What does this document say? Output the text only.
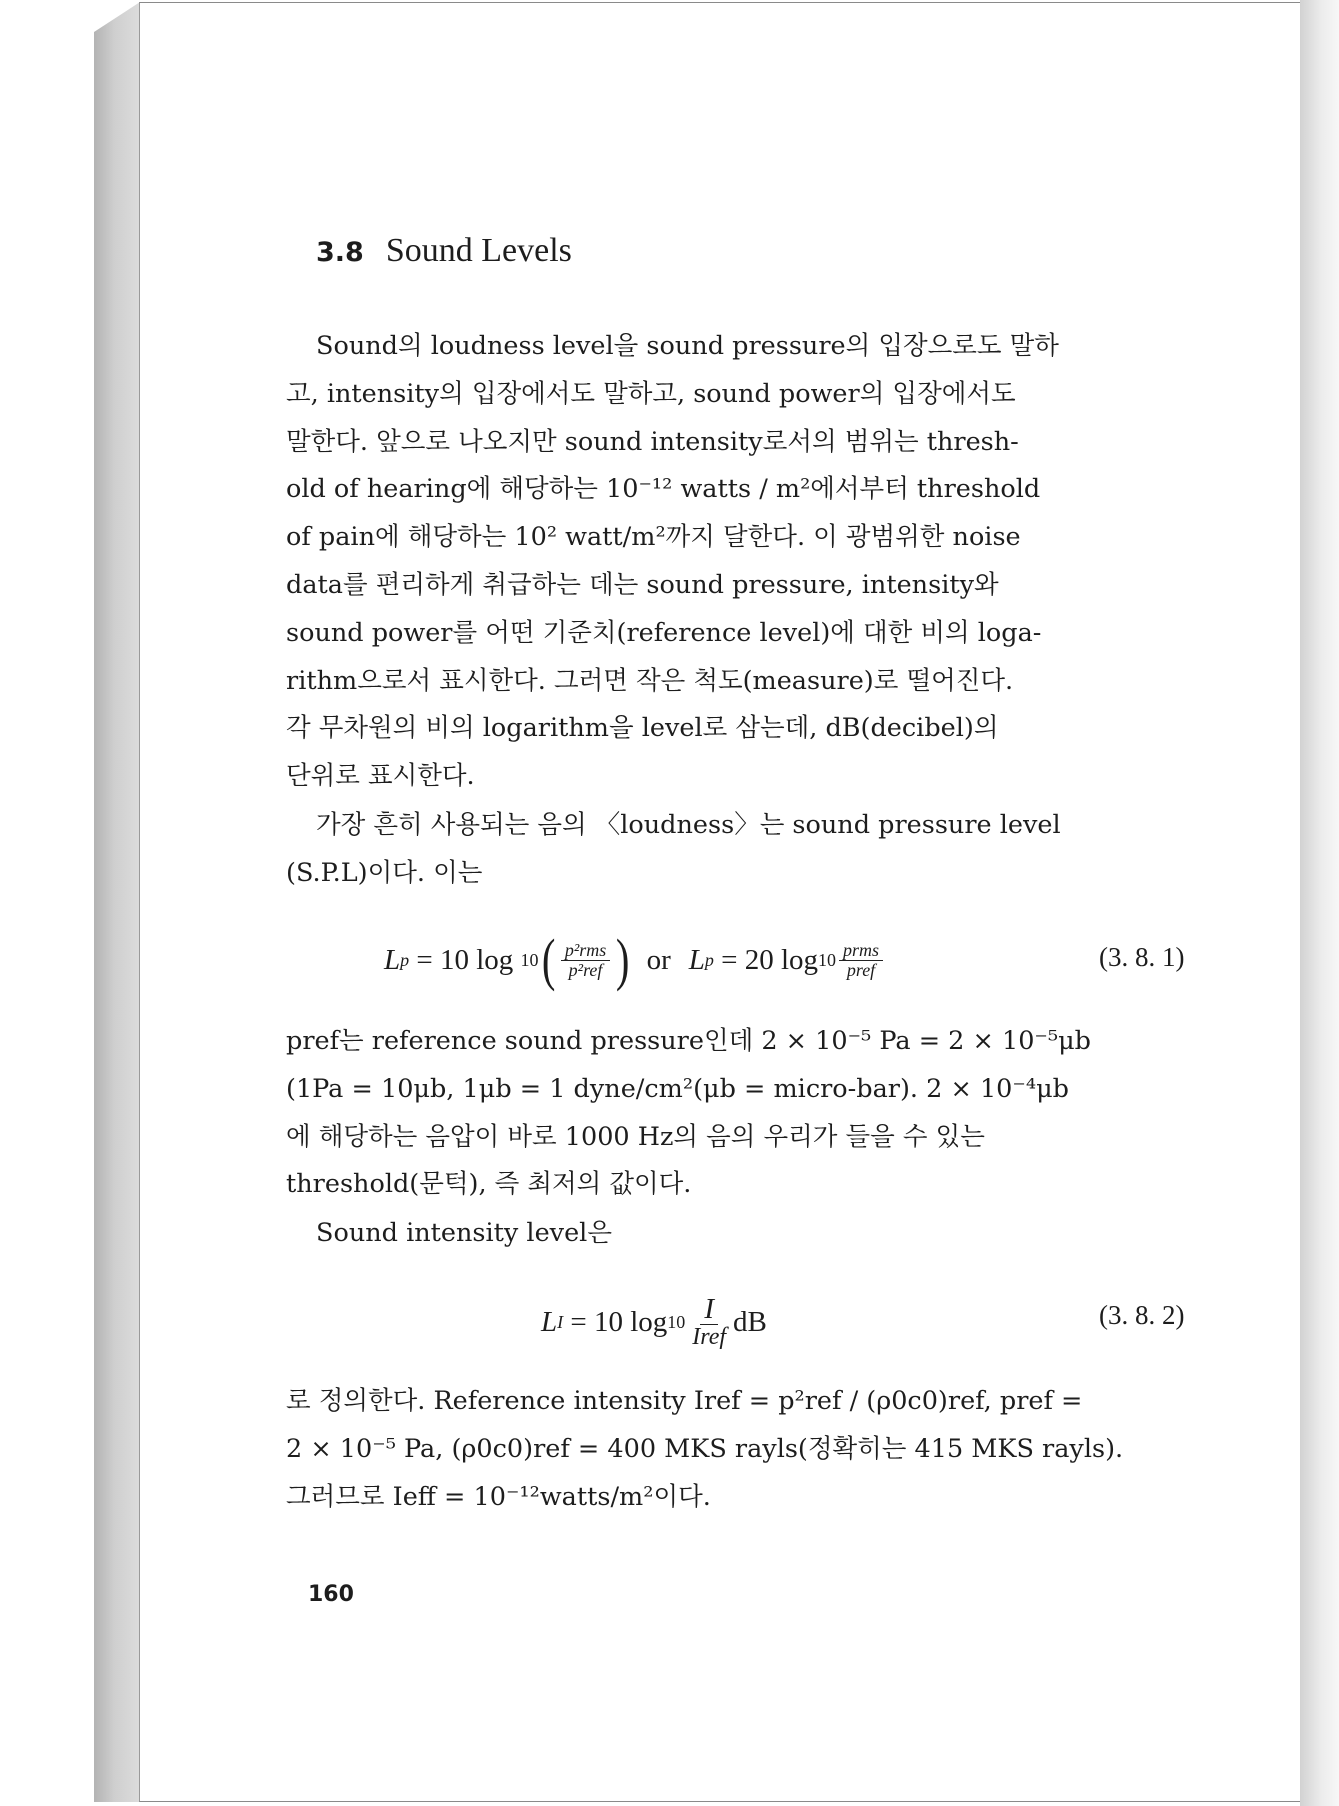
3.8 Sound Levels
Sound의 loudness level을 sound pressure의 입장으로도 말하
고, intensity의 입장에서도 말하고, sound power의 입장에서도
말한다. 앞으로 나오지만 sound intensity로서의 범위는 thresh-
old of hearing에 해당하는 10⁻¹² watts / m²에서부터 threshold
of pain에 해당하는 10² watt/m²까지 달한다. 이 광범위한 noise
data를 편리하게 취급하는 데는 sound pressure, intensity와
sound power를 어떤 기준치(reference level)에 대한 비의 loga-
rithm으로서 표시한다. 그러면 작은 척도(measure)로 떨어진다.
각 무차원의 비의 logarithm을 level로 삼는데, dB(decibel)의
단위로 표시한다.
가장 흔히 사용되는 음의 〈loudness〉는 sound pressure level
(S.P.L)이다. 이는
L p = 10 log 10 ( $\frac{\text{p²rms}}{\text{p²ref}}$ ) or L p = 20 $\log 10 \frac{\text{prms}}{\text{pref}}$	(3. 8. 1)
pref는 reference sound pressure인데 2 × 10⁻⁵ Pa = 2 × 10⁻⁵μb
(1Pa = 10μb, 1μb = 1 dyne/cm²(μb = micro-bar). 2 × 10⁻⁴μb
에 해당하는 음압이 바로 1000 Hz의 음의 우리가 들을 수 있는
threshold(문턱), 즉 최저의 값이다.
Sound intensity level은
L I = 10 $\log 10 \frac{I}{\text{Iref}}$ dB	(3. 8. 2)
로 정의한다. Reference intensity Iref = p²ref / (ρ0c0)ref, pref =
2 × 10⁻⁵ Pa, (ρ0c0)ref = 400 MKS rayls(정확히는 415 MKS rayls).
그러므로 Ieff = 10⁻¹²watts/m²이다.
160
